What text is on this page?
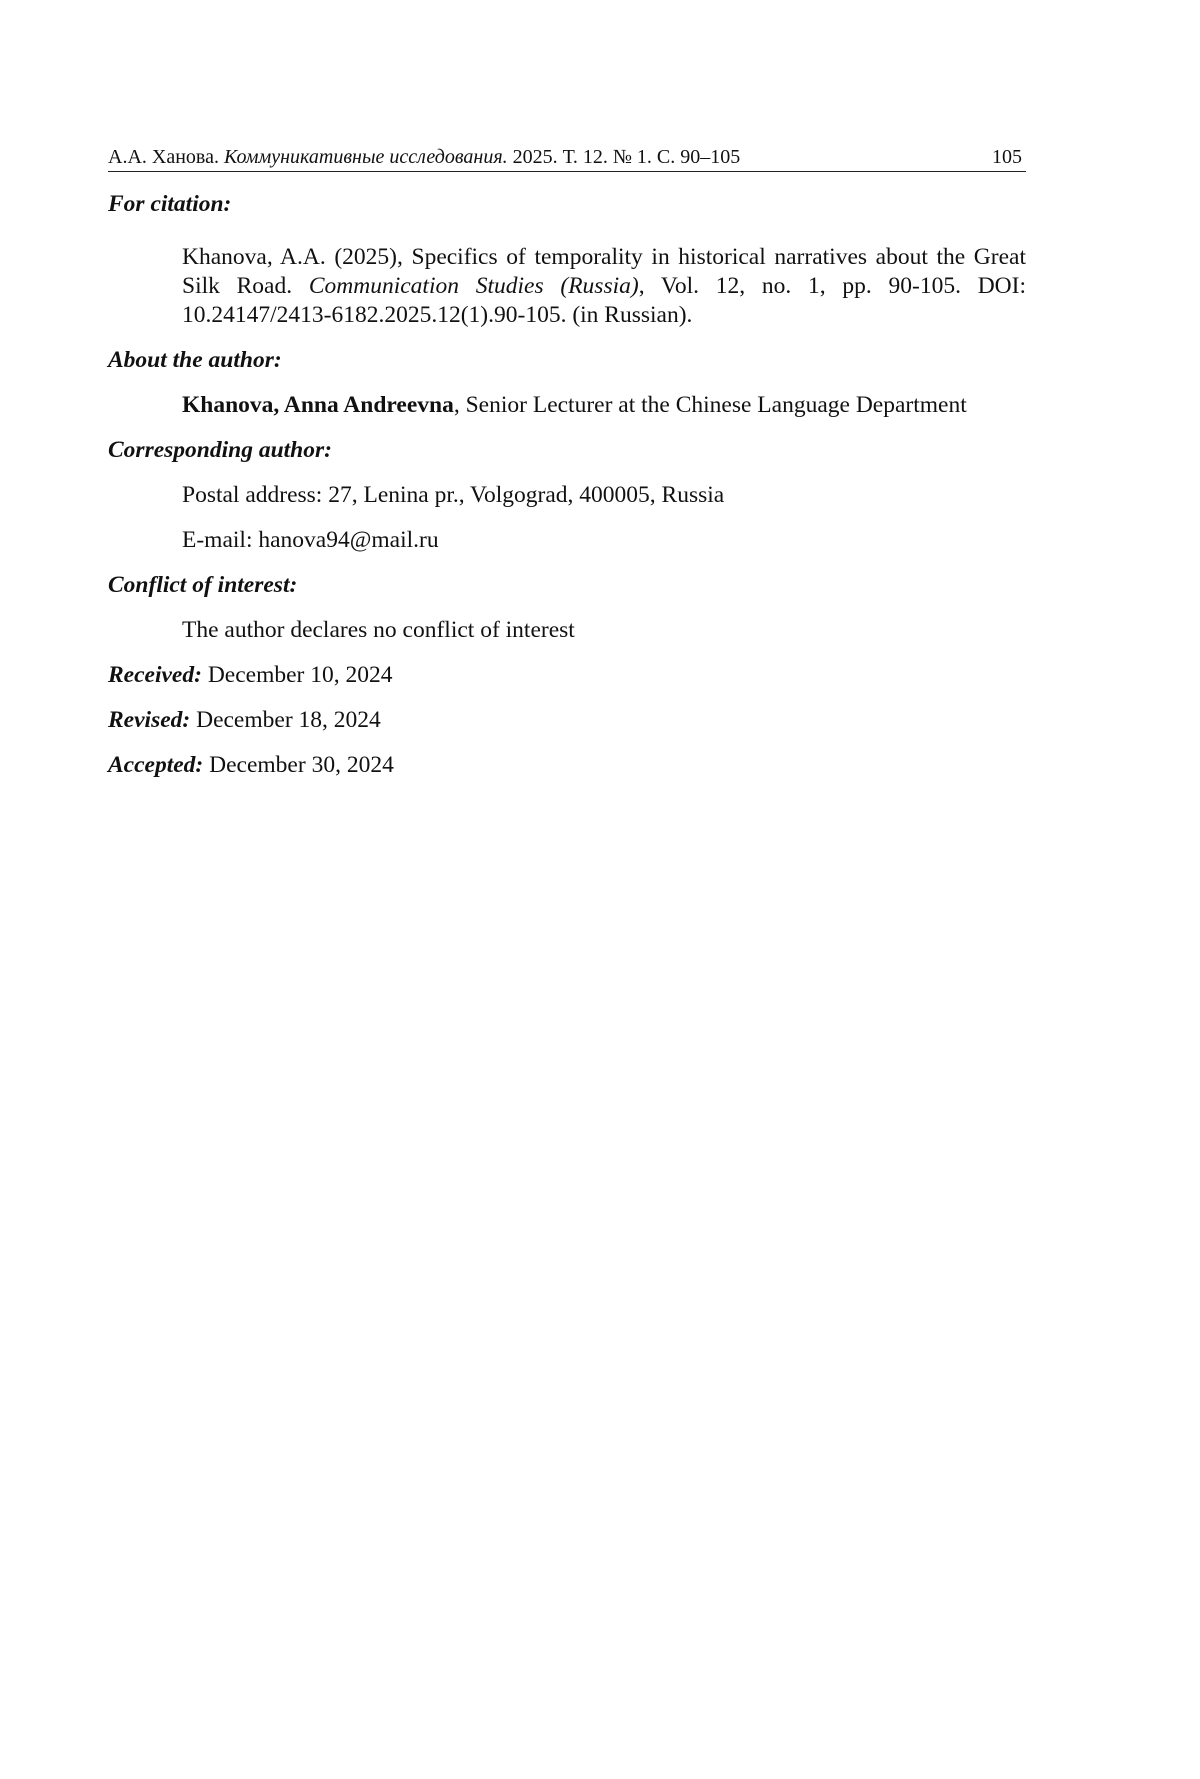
А.А. Ханова. Коммуникативные исследования. 2025. Т. 12. № 1. С. 90–105	105
For citation:
Khanova, A.A. (2025), Specifics of temporality in historical narratives about the Great Silk Road. Communication Studies (Russia), Vol. 12, no. 1, pp. 90-105. DOI: 10.24147/2413-6182.2025.12(1).90-105. (in Russian).
About the author:
Khanova, Anna Andreevna, Senior Lecturer at the Chinese Language Department
Corresponding author:
Postal address: 27, Lenina pr., Volgograd, 400005, Russia
E-mail: hanova94@mail.ru
Conflict of interest:
The author declares no conflict of interest
Received: December 10, 2024
Revised: December 18, 2024
Accepted: December 30, 2024
